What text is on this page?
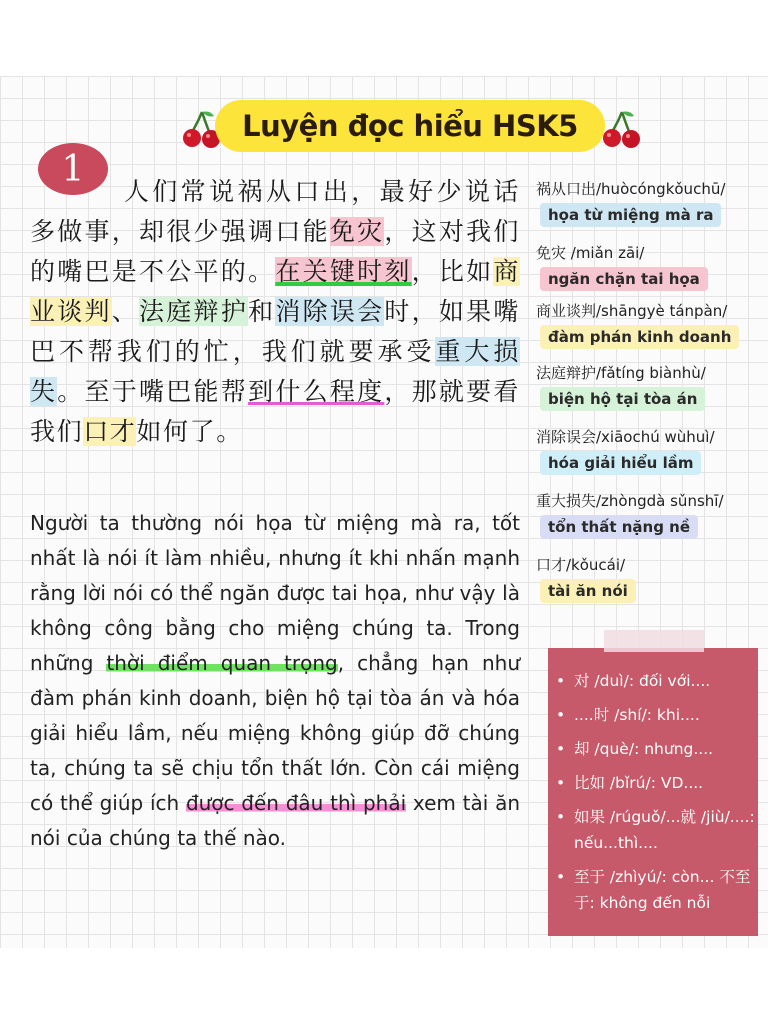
Luyện đọc hiểu HSK5
1
人们常说祸从口出，最好少说话多做事，却很少强调口能免灾，这对我们的嘴巴是不公平的。在关键时刻，比如商业谈判、法庭辩护和消除误会时，如果嘴巴不帮我们的忙，我们就要承受重大损失。至于嘴巴能帮到什么程度，那就要看我们口才如何了。
Người ta thường nói họa từ miệng mà ra, tốt nhất là nói ít làm nhiều, nhưng ít khi nhấn mạnh rằng lời nói có thể ngăn được tai họa, như vậy là không công bằng cho miệng chúng ta. Trong những thời điểm quan trọng, chẳng hạn như đàm phán kinh doanh, biện hộ tại tòa án và hóa giải hiểu lầm, nếu miệng không giúp đỡ chúng ta, chúng ta sẽ chịu tổn thất lớn. Còn cái miệng có thể giúp ích được đến đâu thì phải xem tài ăn nói của chúng ta thế nào.
祸从口出/huòcóngkǒuchū/
họa từ miệng mà ra
免灾 /miǎn zāi/
ngăn chặn tai họa
商业谈判/shāngyè tánpàn/
đàm phán kinh doanh
法庭辩护/fǎtíng biànhù/
biện hộ tại tòa án
消除误会/xiāochú wùhuì/
hóa giải hiểu lầm
重大损失/zhòngdà sǔnshī/
tổn thất nặng nề
口才/kǒucái/
tài ăn nói
• 对 /duì/: đối với....
• ....时 /shí/: khi....
• 却 /què/: nhưng....
• 比如 /bǐrú/: VD....
• 如果 /rúguǒ/...就 /jiù/....: nếu...thì....
• 至于 /zhìyú/: còn... 不至于: không đến nỗi
